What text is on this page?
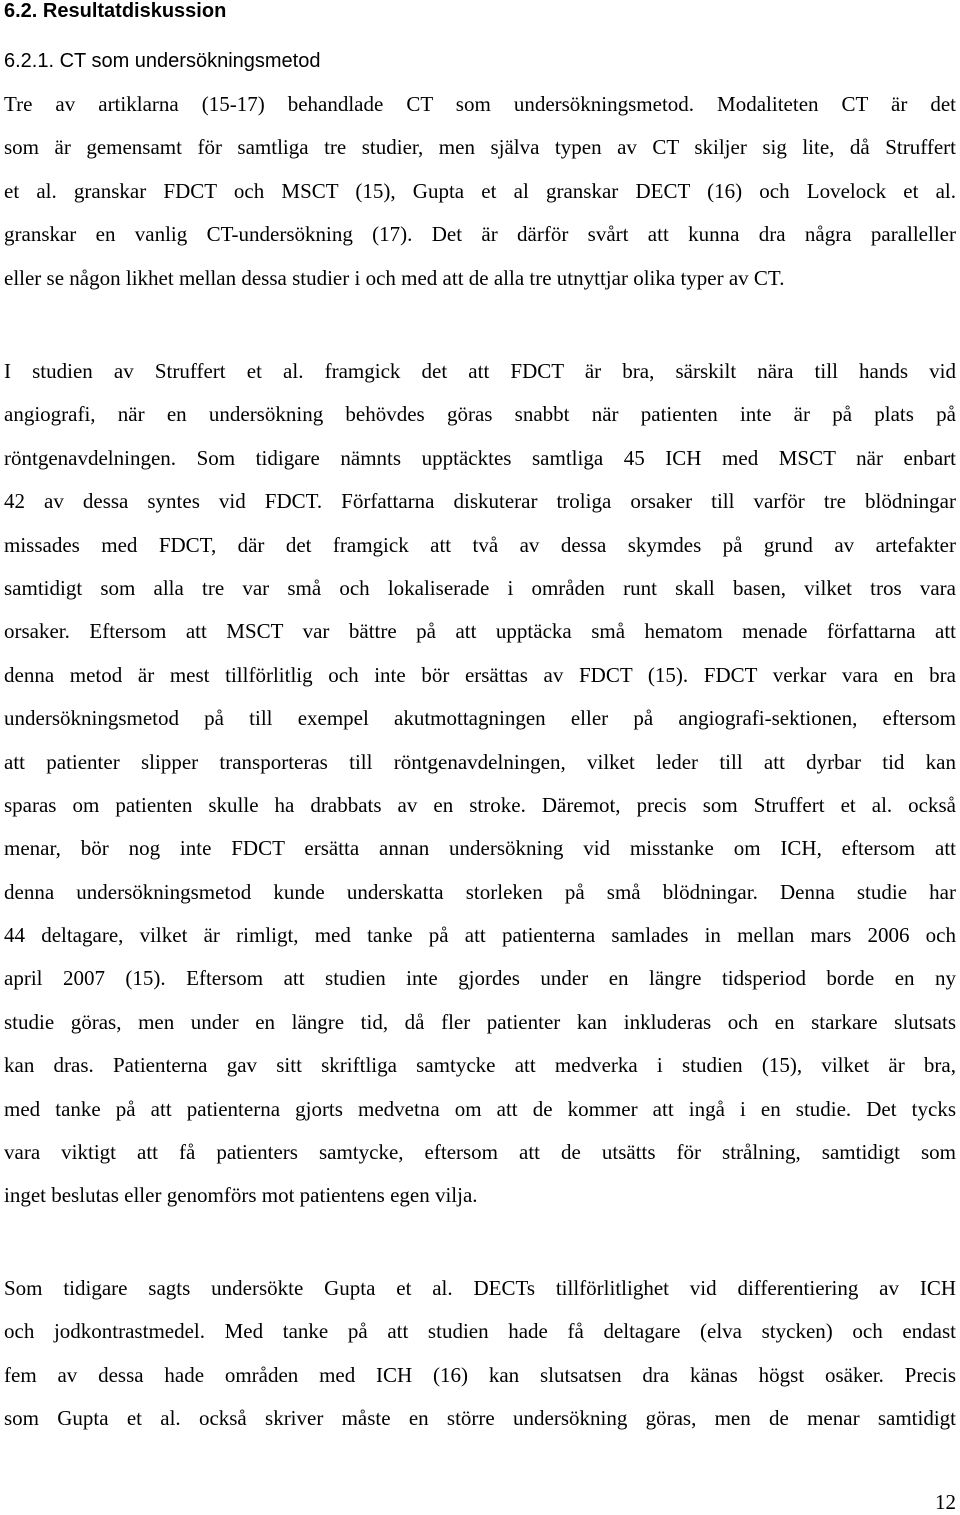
6.2. Resultatdiskussion
6.2.1. CT som undersökningsmetod
Tre av artiklarna (15-17) behandlade CT som undersökningsmetod. Modaliteten CT är det
som är gemensamt för samtliga tre studier, men själva typen av CT skiljer sig lite, då Struffert
et al. granskar FDCT och MSCT (15), Gupta et al granskar DECT (16) och Lovelock et al.
granskar en vanlig CT-undersökning (17). Det är därför svårt att kunna dra några paralleller
eller se någon likhet mellan dessa studier i och med att de alla tre utnyttjar olika typer av CT.
I studien av Struffert et al. framgick det att FDCT är bra, särskilt nära till hands vid
angiografi, när en undersökning behövdes göras snabbt när patienten inte är på plats på
röntgenavdelningen. Som tidigare nämnts upptäcktes samtliga 45 ICH med MSCT när enbart
42 av dessa syntes vid FDCT. Författarna diskuterar troliga orsaker till varför tre blödningar
missades med FDCT, där det framgick att två av dessa skymdes på grund av artefakter
samtidigt som alla tre var små och lokaliserade i områden runt skall basen, vilket tros vara
orsaker. Eftersom att MSCT var bättre på att upptäcka små hematom menade författarna att
denna metod är mest tillförlitlig och inte bör ersättas av FDCT (15). FDCT verkar vara en bra
undersökningsmetod på till exempel akutmottagningen eller på angiografi-sektionen, eftersom
att patienter slipper transporteras till röntgenavdelningen, vilket leder till att dyrbar tid kan
sparas om patienten skulle ha drabbats av en stroke. Däremot, precis som Struffert et al. också
menar, bör nog inte FDCT ersätta annan undersökning vid misstanke om ICH, eftersom att
denna undersökningsmetod kunde underskatta storleken på små blödningar. Denna studie har
44 deltagare, vilket är rimligt, med tanke på att patienterna samlades in mellan mars 2006 och
april 2007 (15). Eftersom att studien inte gjordes under en längre tidsperiod borde en ny
studie göras, men under en längre tid, då fler patienter kan inkluderas och en starkare slutsats
kan dras. Patienterna gav sitt skriftliga samtycke att medverka i studien (15), vilket är bra,
med tanke på att patienterna gjorts medvetna om att de kommer att ingå i en studie. Det tycks
vara viktigt att få patienters samtycke, eftersom att de utsätts för strålning, samtidigt som
inget beslutas eller genomförs mot patientens egen vilja.
Som tidigare sagts undersökte Gupta et al. DECTs tillförlitlighet vid differentiering av ICH
och jodkontrastmedel. Med tanke på att studien hade få deltagare (elva stycken) och endast
fem av dessa hade områden med ICH (16) kan slutsatsen dra känas högst osäker. Precis
som Gupta et al. också skriver måste en större undersökning göras, men de menar samtidigt
12
